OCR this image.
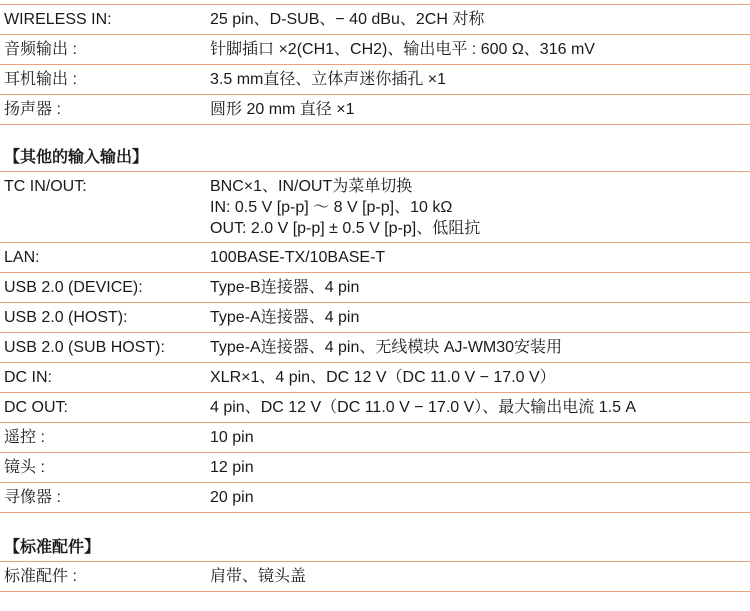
WIRELESS IN:	25 pin、D-SUB、− 40 dBu、2CH 对称
音频输出 :	针脚插口 ×2(CH1、CH2)、输出电平 : 600 Ω、316 mV
耳机输出 :	3.5 mm直径、立体声迷你插孔 ×1
扬声器 :	圆形 20 mm 直径 ×1
【其他的输入输出】
TC IN/OUT:	BNC×1、IN/OUT为菜单切换
IN: 0.5 V [p-p] ～ 8 V [p-p]、10 kΩ
OUT: 2.0 V [p-p] ± 0.5 V [p-p]、低阻抗
LAN:	100BASE-TX/10BASE-T
USB 2.0 (DEVICE):	Type-B连接器、4 pin
USB 2.0 (HOST):	Type-A连接器、4 pin
USB 2.0 (SUB HOST):	Type-A连接器、4 pin、无线模块 AJ-WM30安装用
DC IN:	XLR×1、4 pin、DC 12 V（DC 11.0 V − 17.0 V）
DC OUT:	4 pin、DC 12 V（DC 11.0 V − 17.0 V）、最大输出电流 1.5 A
遥控 :	10 pin
镜头 :	12 pin
寻像器 :	20 pin
【标准配件】
标准配件 :	肩带、镜头盖
